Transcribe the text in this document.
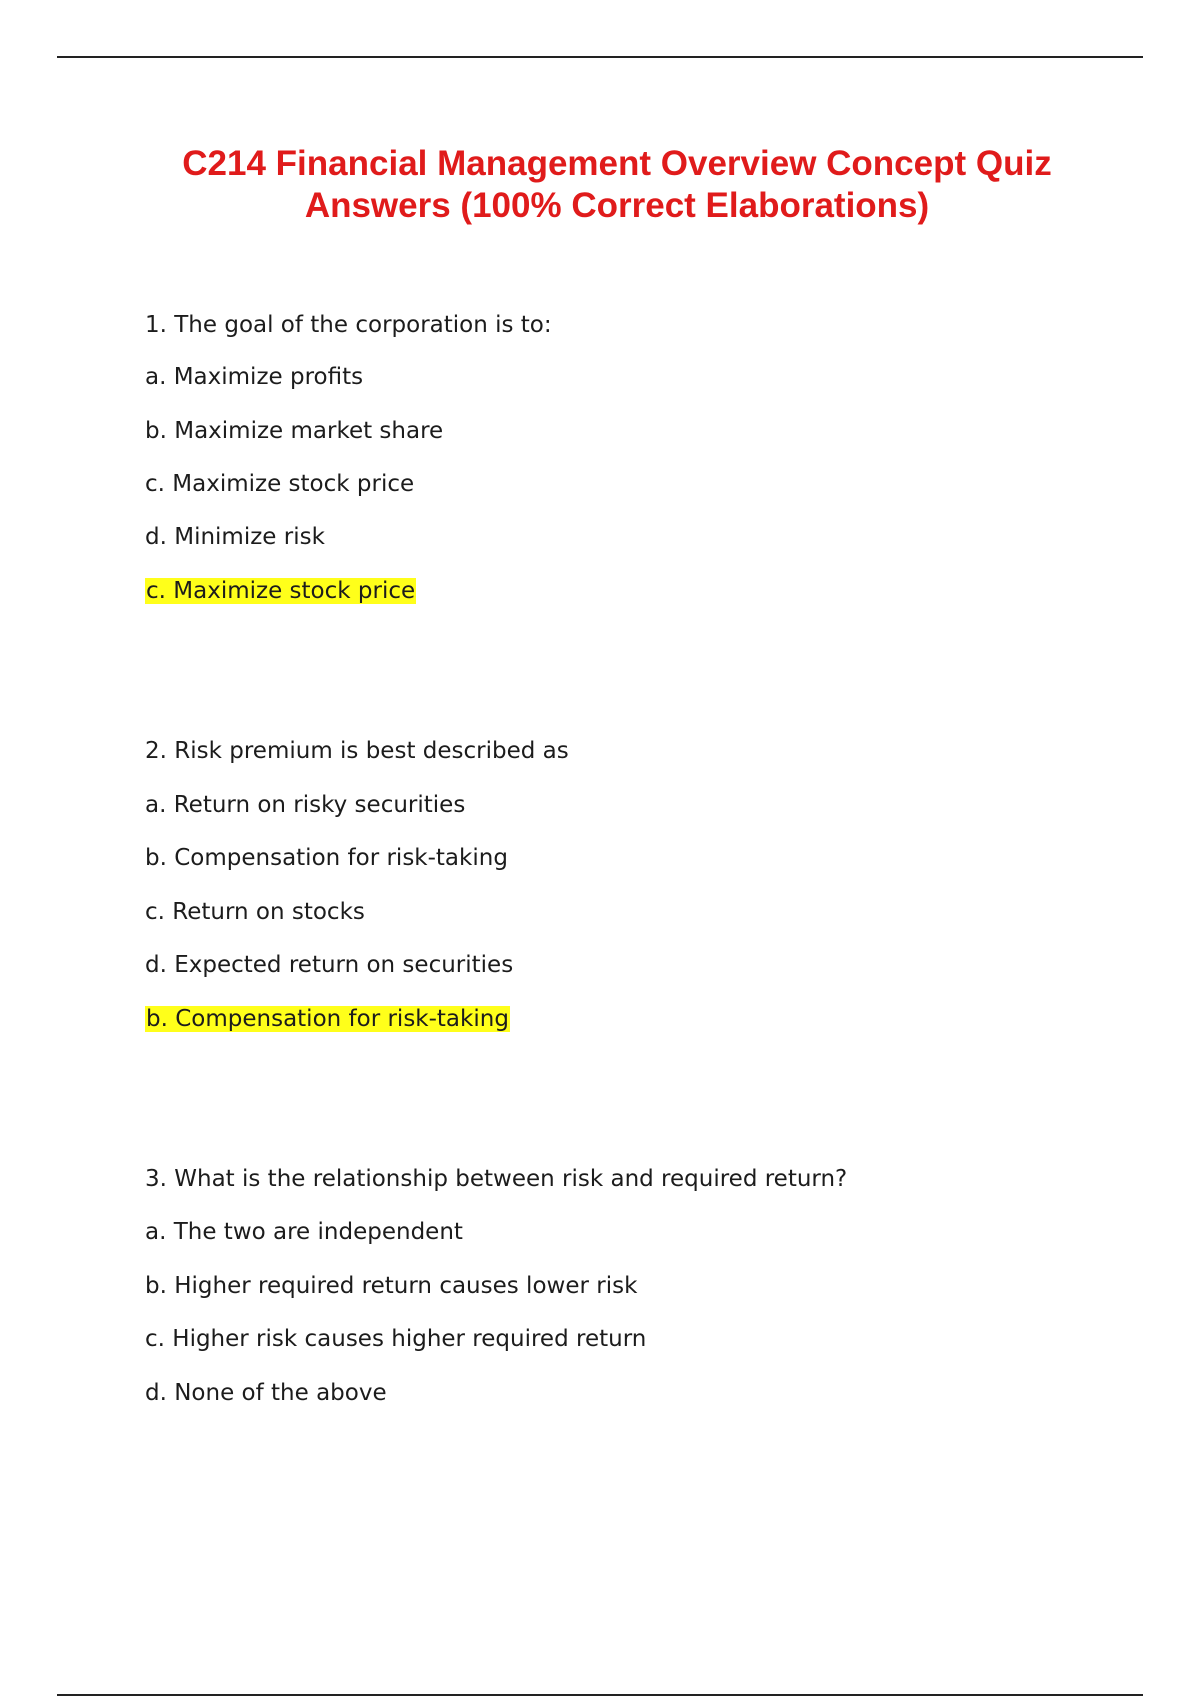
C214 Financial Management Overview Concept Quiz
Answers (100% Correct Elaborations)
1. The goal of the corporation is to:
a. Maximize profits
b. Maximize market share
c. Maximize stock price
d. Minimize risk
c. Maximize stock price
2. Risk premium is best described as
a. Return on risky securities
b. Compensation for risk-taking
c. Return on stocks
d. Expected return on securities
b. Compensation for risk-taking
3. What is the relationship between risk and required return?
a. The two are independent
b. Higher required return causes lower risk
c. Higher risk causes higher required return
d. None of the above
